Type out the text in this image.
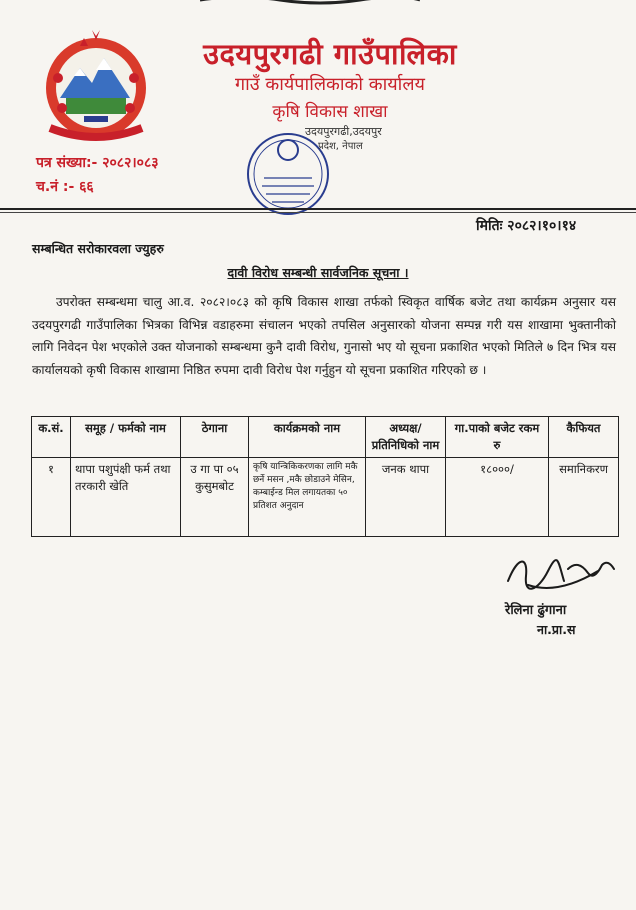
उदयपुरगढी गाउँपालिका
गाउँ कार्यपालिकाको कार्यालय
कृषि विकास शाखा
उदयपुरगढी,उदयपुर
प्रदेश, नेपाल
पत्र संख्या:- २०८२।०८३
च.नं :- ६६
मितिः २०८२।१०।१४
सम्बन्धित सरोकारवला ज्युहरु
दावी विरोध सम्बन्धी सार्वजनिक सूचना ।
उपरोक्त सम्बन्धमा चालु आ.व. २०८२।०८३ को कृषि विकास शाखा तर्फको स्विकृत वार्षिक बजेट तथा कार्यक्रम अनुसार यस उदयपुरगढी गाउँपालिका भित्रका विभिन्न वडाहरुमा संचालन भएको तपसिल अनुसारको योजना सम्पन्न गरी यस शाखामा भुक्तानीको लागि निवेदन पेश भएकोले उक्त योजनाको सम्बन्धमा कुनै दावी विरोध, गुनासो भए यो सूचना प्रकाशित भएको मितिले ७ दिन भित्र यस कार्यालयको कृषी विकास शाखामा निष्ठित रुपमा दावी विरोध पेश गर्नुहुन यो सूचना प्रकाशित गरिएको छ ।
क.सं.	समूह / फर्मको नाम	ठेगाना	कार्यक्रमको नाम	अध्यक्ष/प्रतिनिधिको नाम	गा.पाको बजेट रकम रु	कैफियत
१	थापा पशुपंक्षी फर्म तथा तरकारी खेति	उ गा पा ०५ कुसुमबोट	कृषि यान्त्रिकिकरणका लागि मकै छर्ने मसन ,मकै छोडाउने मेसिन, कम्बाईन्ड मिल लगायतका ५० प्रतिशत अनुदान	जनक थापा	१८०००/	समानिकरण
रेलिना ढुंगाना
ना.प्रा.स
